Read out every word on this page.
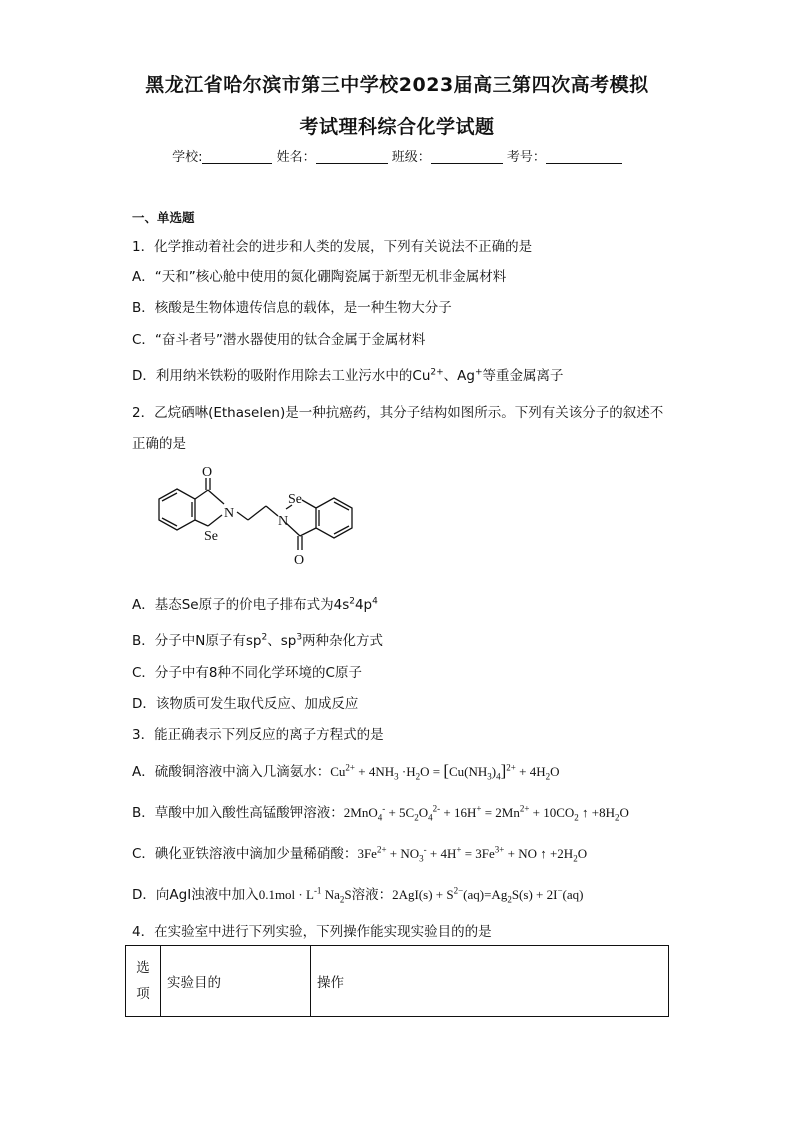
黑龙江省哈尔滨市第三中学校2023届高三第四次高考模拟
考试理科综合化学试题
学校:	姓名：	班级：	考号：
一、单选题
1．化学推动着社会的进步和人类的发展，下列有关说法不正确的是
A．“天和”核心舱中使用的氮化硼陶瓷属于新型无机非金属材料
B．核酸是生物体遗传信息的载体，是一种生物大分子
C．“奋斗者号”潜水器使用的钛合金属于金属材料
D．利用纳米铁粉的吸附作用除去工业污水中的$Cu^{2+}$、Ag+等重金属离子
2．乙烷硒啉(Ethaselen)是一种抗癌药，其分子结构如图所示。下列有关该分子的叙述不
正确的是
O
N
Se
Se
N
O
A．基态Se原子的价电子排布式为$4s^24p^4$
B．分子中N原子有$sp^2$、$sp^3$两种杂化方式
C．分子中有8种不同化学环境的C原子
D．该物质可发生取代反应、加成反应
3．能正确表示下列反应的离子方程式的是
A．硫酸铜溶液中滴入几滴氨水：$Cu^{2+} + 4NH_3 \cdot H_2O = [Cu(NH_3)_4]^{2+} + 4H_2O$
B．草酸中加入酸性高锰酸钾溶液：$2MnO_4^- + 5C_2O_4^{2-} + 16H^+ = 2Mn^{2+} + 10CO_2$ ↑ $+8H_2O$
C．碘化亚铁溶液中滴加少量稀硝酸：$3Fe^{2+} + NO_3^- + 4H^+ = 3Fe^{3+}$ + NO ↑ $+2H_2O$
D．向AgI浊液中加入$0.1mol \cdot L^{-1}$ $Na_2S$溶液：$2AgI(s) + S^{2-}(aq)=Ag_2S(s) + 2I^-(aq)$
4．在实验室中进行下列实验，下列操作能实现实验目的的是
选项	实验目的	操作
